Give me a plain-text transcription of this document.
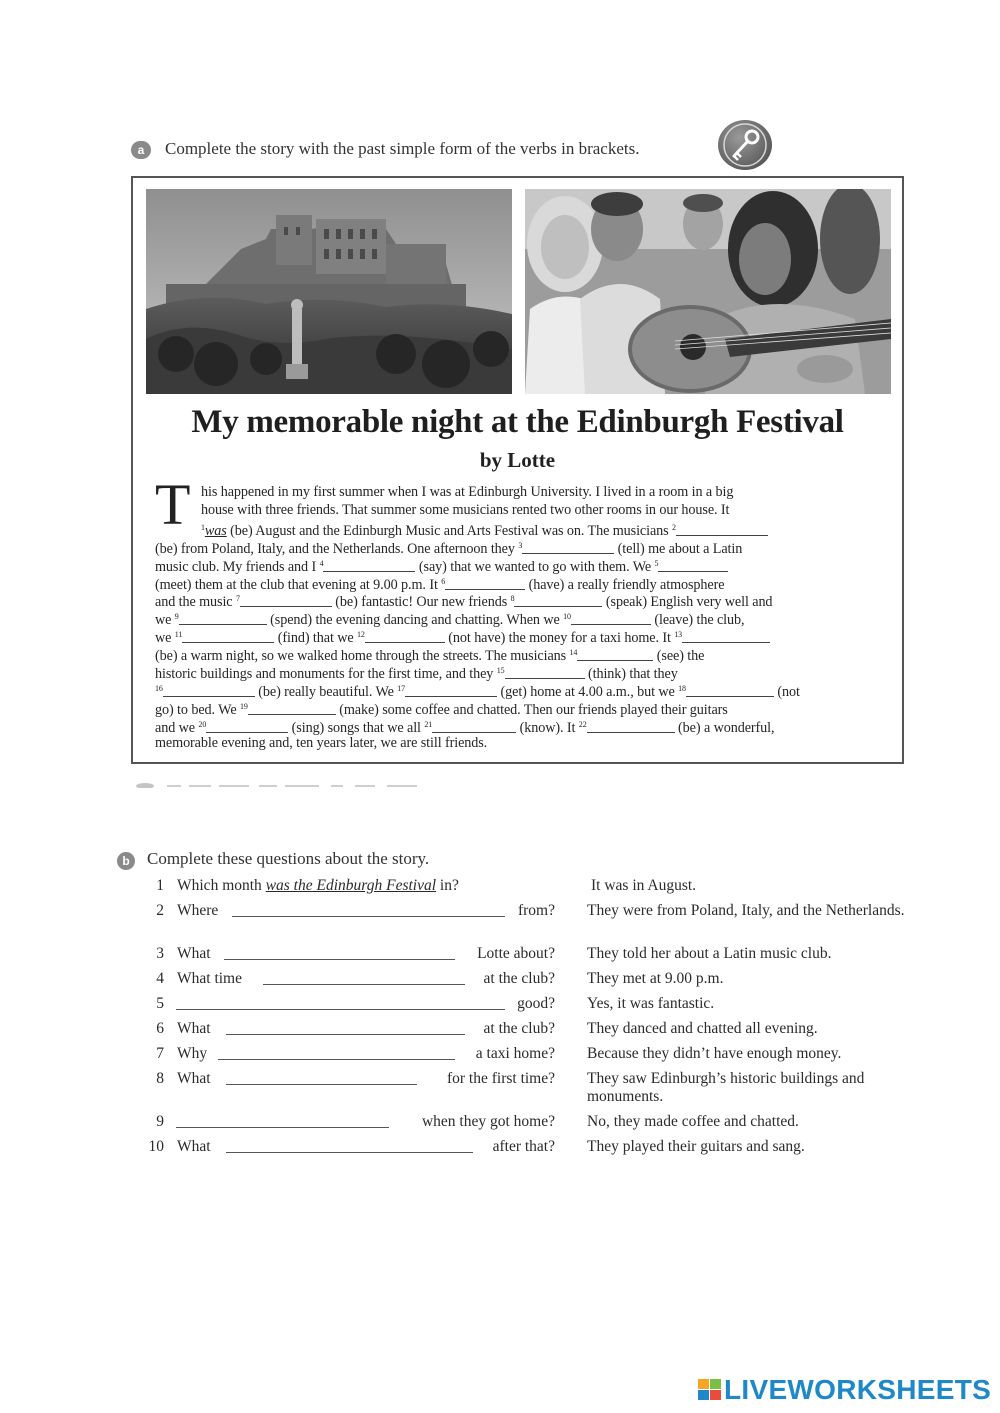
a	Complete the story with the past simple form of the verbs in brackets.
My memorable night at the Edinburgh Festival
by Lotte
T his happened in my first summer when I was at Edinburgh University. I lived in a room in a big
house with three friends. That summer some musicians rented two other rooms in our house. It
$^1$was (be) August and the Edinburgh Music and Arts Festival was on. The musicians $^2$
(be) from Poland, Italy, and the Netherlands. One afternoon they $^3$	(tell) me about a Latin
music club. My friends and I $^4$	(say) that we wanted to go with them. We $^5$
(meet) them at the club that evening at 9.00 p.m. It $^6$	(have) a really friendly atmosphere
and the music $^7$	(be) fantastic! Our new friends $^8$	(speak) English very well and
we $^9$	(spend) the evening dancing and chatting. When we $^{10}$	(leave) the club,
we $^{11}$	(find) that we $^{12}$	(not have) the money for a taxi home. It $^{13}$
(be) a warm night, so we walked home through the streets. The musicians $^{14}$	(see) the
historic buildings and monuments for the first time, and they $^{15}$	(think) that they
$^{16}$	(be) really beautiful. We $^{17}$	(get) home at 4.00 a.m., but we $^{18}$	(not
go) to bed. We $^{19}$	(make) some coffee and chatted. Then our friends played their guitars
and we $^{20}$	(sing) songs that we all $^{21}$	(know). It $^{22}$	(be) a wonderful,
memorable evening and, ten years later, we are still friends.
b	Complete these questions about the story.
1 Which month was the Edinburgh Festival in?	It was in August.
2 Where	from? They were from Poland, Italy, and the Netherlands.
3 What	Lotte about? They told her about a Latin music club.
4 What time	at the club? They met at 9.00 p.m.
5	good? Yes, it was fantastic.
6 What	at the club? They danced and chatted all evening.
7 Why	a taxi home? Because they didn’t have enough money.
8 What	for the first time? They saw Edinburgh’s historic buildings and monuments.
9	when they got home? No, they made coffee and chatted.
10 What	after that? They played their guitars and sang.
LIVEWORKSHEETS
